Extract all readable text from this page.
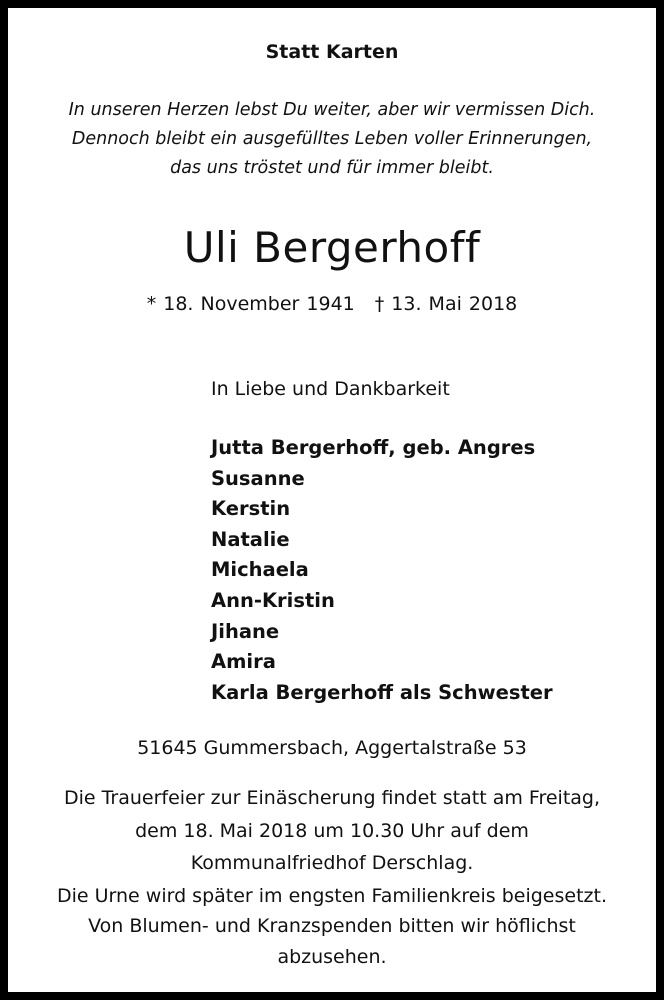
Statt Karten
In unseren Herzen lebst Du weiter, aber wir vermissen Dich.
Dennoch bleibt ein ausgefülltes Leben voller Erinnerungen,
das uns tröstet und für immer bleibt.
Uli Bergerhoff
* 18. November 1941 † 13. Mai 2018
In Liebe und Dankbarkeit
Jutta Bergerhoff, geb. Angres
Susanne
Kerstin
Natalie
Michaela
Ann-Kristin
Jihane
Amira
Karla Bergerhoff als Schwester
51645 Gummersbach, Aggertalstraße 53
Die Trauerfeier zur Einäscherung findet statt am Freitag,
dem 18. Mai 2018 um 10.30 Uhr auf dem
Kommunalfriedhof Derschlag.
Die Urne wird später im engsten Familienkreis beigesetzt.
Von Blumen- und Kranzspenden bitten wir höflichst
abzusehen.
